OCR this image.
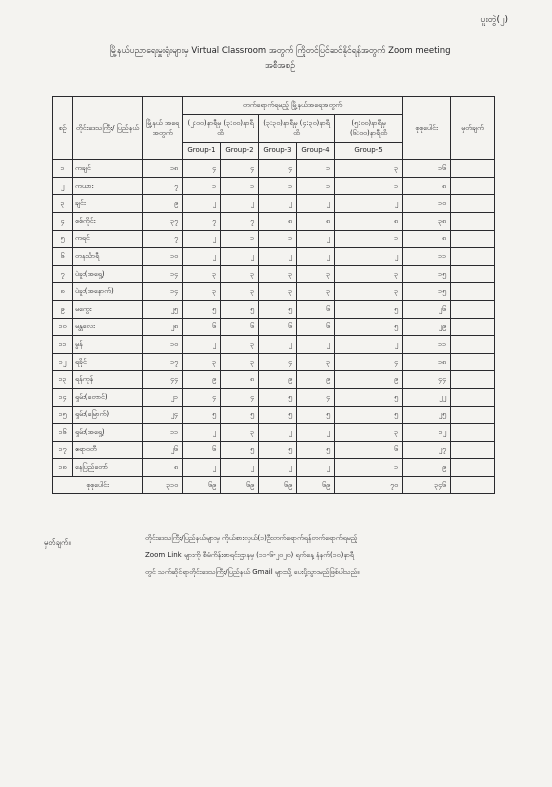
ပူးတွဲ(၂)
မြို့နယ်ပညာရေးမှူးရုံးများမှ Virtual Classroom အတွက် ကြိုတင်ပြင်ဆင်နိုင်ရန်အတွက် Zoom meeting
အစီအစဉ်
စဉ်	တိုင်းဒေသကြီး/ ပြည်နယ်	မြို့နယ် အရေ အတွက်	တက်ရောက်ရမည့် မြို့နယ်အရေအတွက်					စုစုပေါင်း	မှတ်ချက်
			(၂:၀၀)နာရီမှ (၃:၀၀)နာရီထိ		(၃:၃၀)နာရီမှ (၄:၃၀)နာရီထိ		(၅:၀၀)နာရီမှ (၆:၀၀)နာရီထိ		
			Group-1	Group-2	Group-3	Group-4	Group-5		
၁	ကချင်	၁၈	၄	၄	၄	၁	၃	၁၆	
၂	ကယား	၇	၁	၁	၁	၁	၁	၈	
၃	ချင်း	၉	၂	၂	၂	၂	၂	၁၀	
၄	စစ်ကိုင်း	၃၇	၇	၇	၈	၈	၈	၃၈	
၅	ကရင်	၇	၂	၁	၁	၂	၁	၈	
၆	တနင်္သာရီ	၁၀	၂	၂	၂	၂	၂	၁၁	
၇	ပဲခူး(အရှေ့)	၁၄	၃	၃	၃	၃	၃	၁၅	
၈	ပဲခူး(အနောက်)	၁၄	၃	၃	၃	၃	၃	၁၅	
၉	မကွေး	၂၅	၅	၅	၅	၆	၅	၂၆	
၁၀	မန္တလေး	၂၈	၆	၆	၆	၆	၅	၂၉	
၁၁	မွန်	၁၀	၂	၃	၂	၂	၂	၁၁	
၁၂	ရခိုင်	၁၇	၃	၃	၄	၃	၄	၁၈	
၁၃	ရန်ကုန်	၄၄	၉	၈	၉	၉	၉	၄၄	
၁၄	ရှမ်း(တောင်)	၂၁	၄	၄	၅	၄	၅	၂၂	
၁၅	ရှမ်း(မြောက်)	၂၄	၅	၅	၅	၅	၅	၂၅	
၁၆	ရှမ်း(အရှေ့)	၁၁	၂	၃	၂	၂	၃	၁၂	
၁၇	ဧရာဝတီ	၂၆	၆	၅	၅	၅	၆	၂၇	
၁၈	နေပြည်တော်	၈	၂	၂	၂	၂	၁	၉	
စုစုပေါင်း		၃၁၀	၆၉	၆၉	၆၉	၆၉	၇၀	၃၄၆	
မှတ်ချက်။	တိုင်းဒေသကြီး/ပြည်နယ်များမှ ကိုယ်စားလှယ်(၁)ဦးတက်ရောက်ရန်တက်ရောက်ရမည့်
Zoom Link များကို စီမံကိန်းစာရင်းဌာနမှ (၁၁-၆-၂၀၂၀) ရက်နေ့ နံနက်(၁၀)နာရီ
တွင် သက်ဆိုင်ရာတိုင်းဒေသကြီး/ပြည်နယ် Gmail များသို့ ပေးပို့သွားမည်ဖြစ်ပါသည်။
